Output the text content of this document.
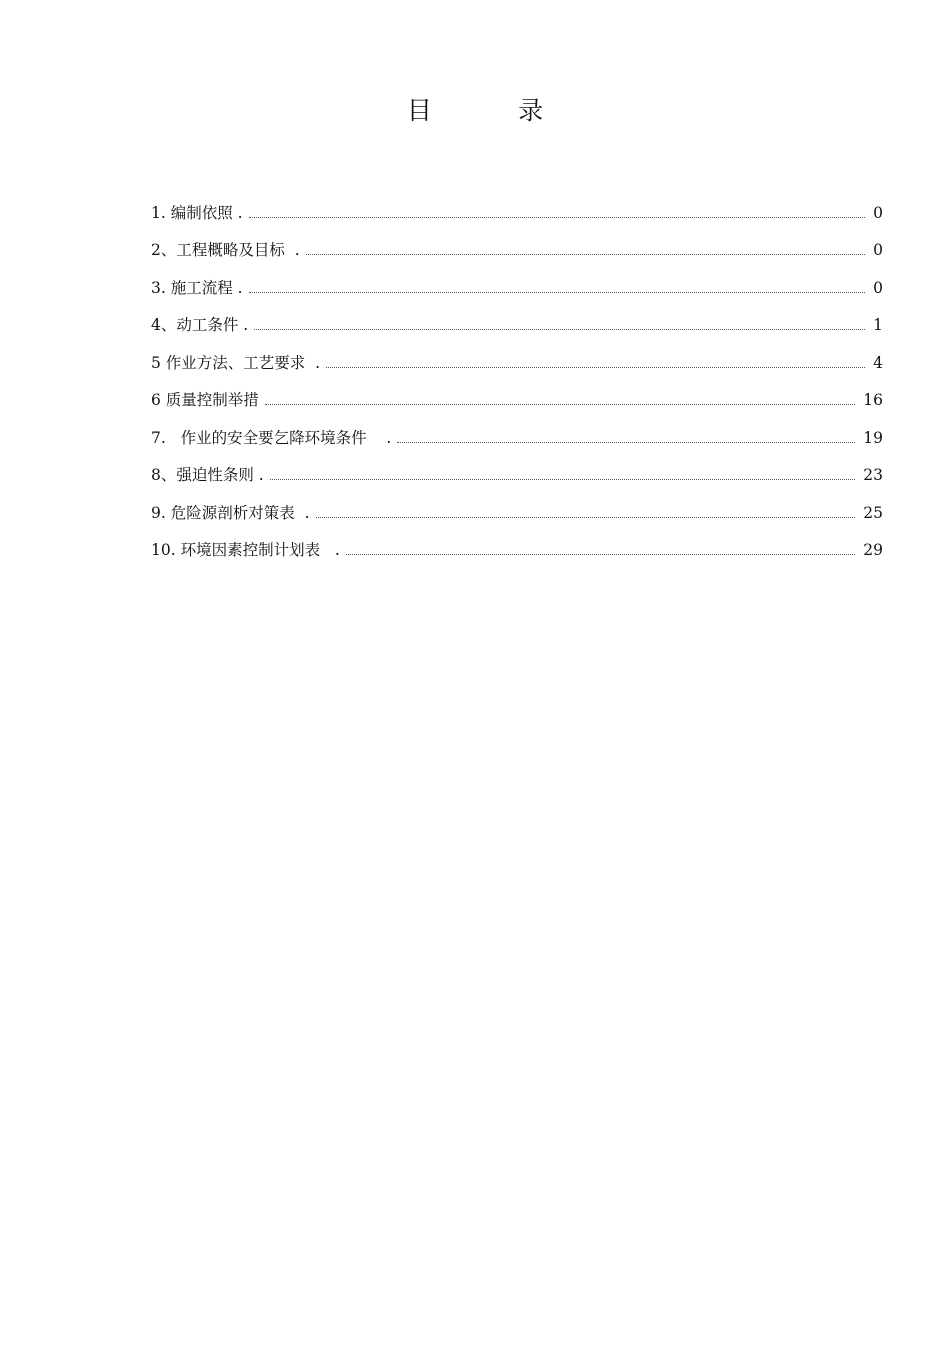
目	录
1. 编制依照 .	0
2、工程概略及目标  .	0
3. 施工流程 .	0
4、动工条件 .	1
5 作业方法、工艺要求  .	4
6 质量控制举措	16
7.   作业的安全要乞降环境条件    .	19
8、强迫性条则 .	23
9. 危险源剖析对策表  .	25
10. 环境因素控制计划表   .	29
